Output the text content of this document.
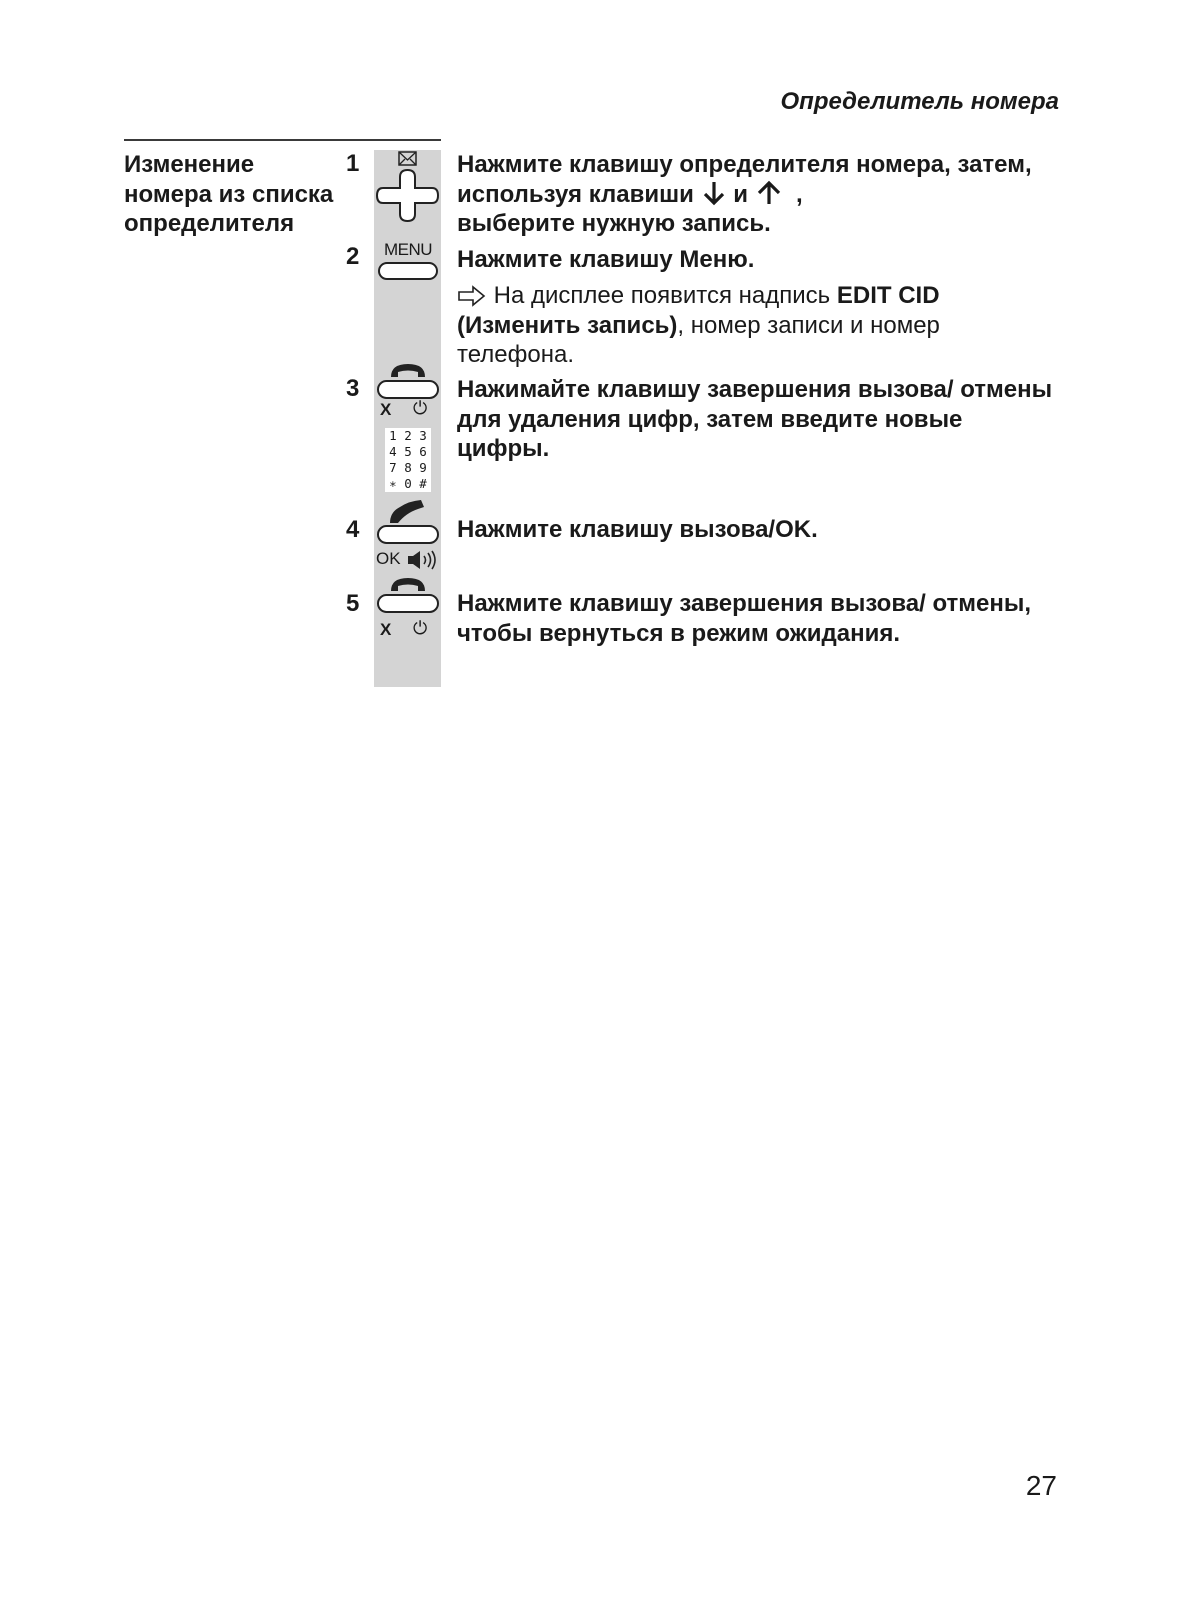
Определитель номера
Изменение номера из списка определителя
1	Нажмите клавишу определителя номера, затем, используя клавиши и ,
выберите нужную запись.
2	MENU Нажмите клавишу Меню.
На дисплее появится надпись EDIT CID (Изменить запись), номер записи и номер телефона.
3
X ⏻
1 2 3
4 5 6
7 8 9
∗ 0 #
Нажимайте клавишу завершения вызова/ отмены для удаления цифр, затем введите новые цифры.
4
OK
Нажмите клавишу вызова/OK.
5
X ⏻
Нажмите клавишу завершения вызова/ отмены, чтобы вернуться в режим ожидания.
27
